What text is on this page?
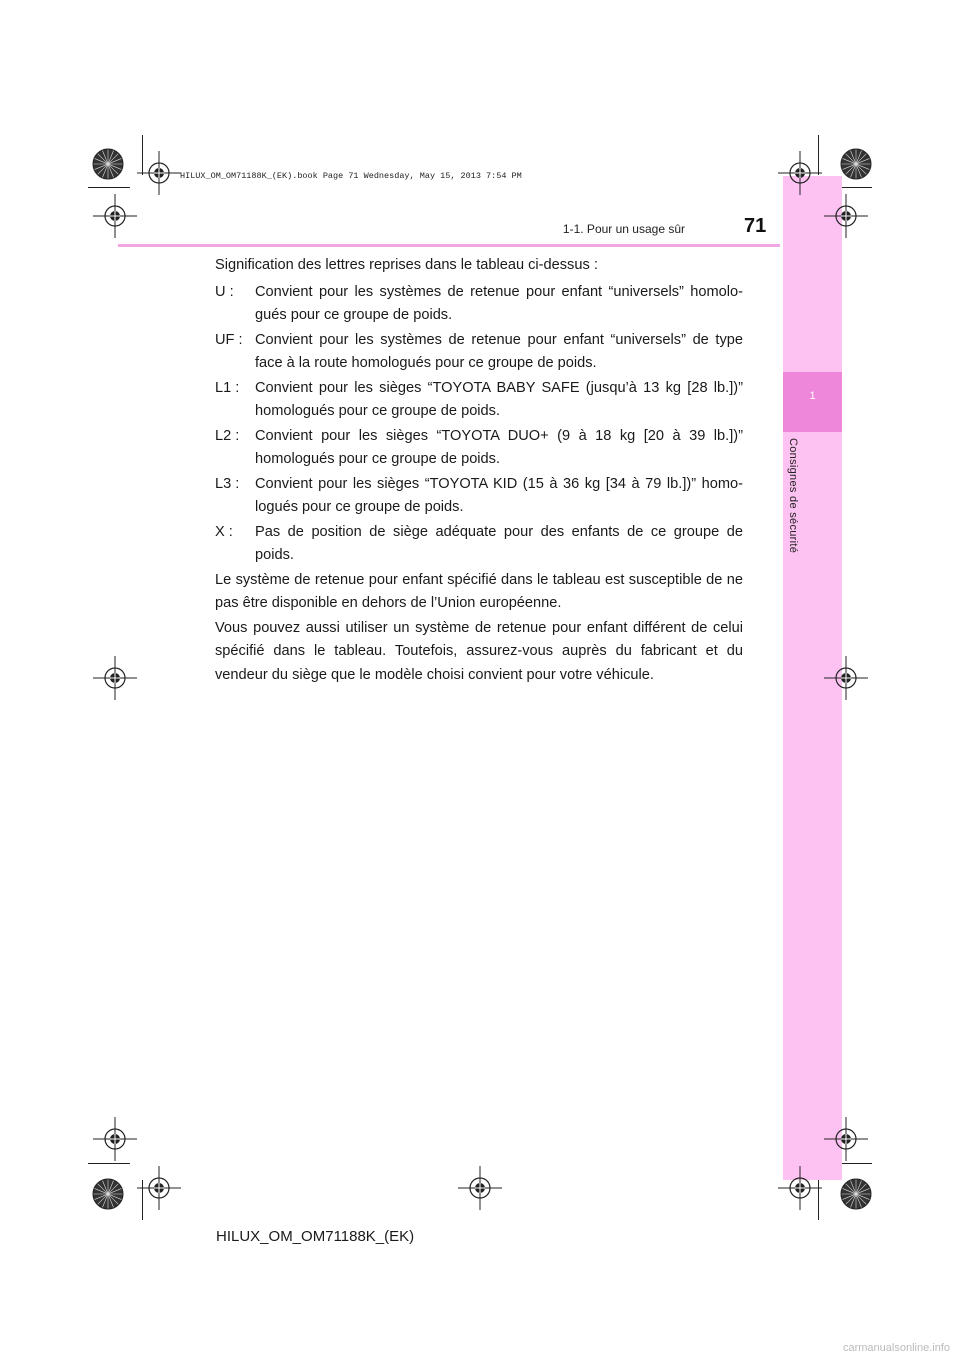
1
Consignes de sécurité
HILUX_OM_OM71188K_(EK).book Page 71 Wednesday, May 15, 2013 7:54 PM
1-1. Pour un usage sûr	71

Signification des lettres reprises dans le tableau ci-dessus :

U :	Convient pour les systèmes de retenue pour enfant “universels” homologués pour ce groupe de poids.
UF : Convient pour les systèmes de retenue pour enfant “universels” de type face à la route homologués pour ce groupe de poids.
L1 :	Convient pour les sièges “TOYOTA BABY SAFE (jusqu’à 13 kg [28 lb.])” homologués pour ce groupe de poids.
L2 :	Convient pour les sièges “TOYOTA DUO+ (9 à 18 kg [20 à 39 lb.])” homologués pour ce groupe de poids.
L3 :	Convient pour les sièges “TOYOTA KID (15 à 36 kg [34 à 79 lb.])” homologués pour ce groupe de poids.
X :	Pas de position de siège adéquate pour des enfants de ce groupe de poids.

Le système de retenue pour enfant spécifié dans le tableau est susceptible de ne pas être disponible en dehors de l’Union européenne.

Vous pouvez aussi utiliser un système de retenue pour enfant différent de celui spécifié dans le tableau. Toutefois, assurez-vous auprès du fabricant et du vendeur du siège que le modèle choisi convient pour votre véhicule.

HILUX_OM_OM71188K_(EK)
carmanualsonline.info
